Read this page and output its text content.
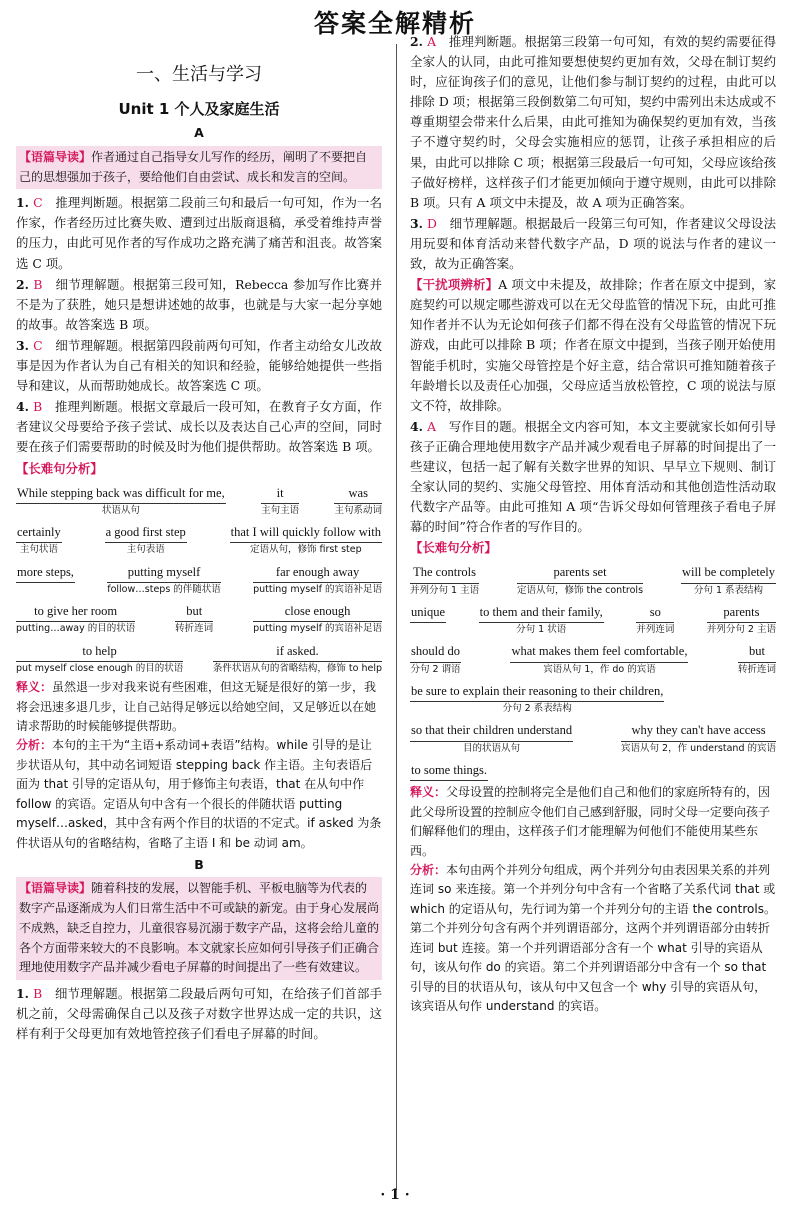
答案全解精析
一、生活与学习
Unit 1 个人及家庭生活
A
【语篇导读】作者通过自己指导女儿写作的经历，阐明了不要把自己的思想强加于孩子，要给他们自由尝试、成长和发言的空间。

1. C　 推理判断题。根据第二段前三句和最后一句可知，作为一名作家，作者经历过比赛失败、遭到过出版商退稿，承受着维持声誉的压力，由此可见作者的写作成功之路充满了痛苦和沮丧。故答案选 C 项。

2. B　 细节理解题。根据第三段可知，Rebecca 参加写作比赛并不是为了获胜，她只是想讲述她的故事，也就是与大家一起分享她的故事。故答案选 B 项。

3. C　 细节理解题。根据第四段前两句可知，作者主动给女儿改故事是因为作者认为自己有相关的知识和经验，能够给她提供一些指导和建议，从而帮助她成长。故答案选 C 项。

4. B　 推理判断题。根据文章最后一段可知，在教育子女方面，作者建议父母要给予孩子尝试、成长以及表达自己心声的空间，同时要在孩子们需要帮助的时候及时为他们提供帮助。故答案选 B 项。

【长难句分析】
While stepping back was difficult for me,
状语从句
it
主句主语
was
主句系动词
certainly
主句状语
a good first step
主句表语
that I will quickly follow with
定语从句，修饰 first step
more steps,	putting myself
follow…steps 的伴随状语
far enough away
putting myself 的宾语补足语
to give her room
putting…away 的目的状语
but
转折连词
close enough
putting myself 的宾语补足语
to help
put myself close enough 的目的状语
if asked.
条件状语从句的省略结构，修饰 to help
释义：虽然退一步对我来说有些困难，但这无疑是很好的第一步，我将会迅速多退几步，让自己站得足够远以给她空间，又足够近以在她请求帮助的时候能够提供帮助。
分析：本句的主干为“主语+系动词+表语”结构。while 引导的是让步状语从句，其中动名词短语 stepping back 作主语。主句表语后面为 that 引导的定语从句，用于修饰主句表语，that 在从句中作 follow 的宾语。定语从句中含有一个很长的伴随状语 putting myself…asked，其中含有两个作目的状语的不定式。if asked 为条件状语从句的省略结构，省略了主语 I 和 be 动词 am。
B
【语篇导读】随着科技的发展，以智能手机、平板电脑等为代表的数字产品逐渐成为人们日常生活中不可或缺的新宠。由于身心发展尚不成熟，缺乏自控力，儿童很容易沉溺于数字产品，这将会给儿童的各个方面带来较大的不良影响。本文就家长应如何引导孩子们正确合理地使用数字产品并减少看电子屏幕的时间提出了一些有效建议。

1. B　 细节理解题。根据第二段最后两句可知，在给孩子们首部手机之前，父母需确保自己以及孩子对数字世界达成一定的共识，这样有利于父母更加有效地管控孩子们看电子屏幕的时间。

2. A　 推理判断题。根据第三段第一句可知，有效的契约需要征得全家人的认同，由此可推知要想使契约更加有效，父母在制订契约时，应征询孩子们的意见，让他们参与制订契约的过程，由此可以排除 D 项；根据第三段倒数第二句可知，契约中需列出未达成或不尊重期望会带来什么后果，由此可推知为确保契约更加有效，当孩子不遵守契约时，父母会实施相应的惩罚，让孩子承担相应的后果，由此可以排除 C 项；根据第三段最后一句可知，父母应该给孩子做好榜样，这样孩子们才能更加倾向于遵守规则，由此可以排除 B 项。只有 A 项文中未提及，故 A 项为正确答案。

3. D　 细节理解题。根据最后一段第三句可知，作者建议父母设法用玩耍和体育活动来替代数字产品，D 项的说法与作者的建议一致，故为正确答案。

【干扰项辨析】A 项文中未提及，故排除；作者在原文中提到，家庭契约可以规定哪些游戏可以在无父母监管的情况下玩，由此可推知作者并不认为无论如何孩子们都不得在没有父母监管的情况下玩游戏，由此可以排除 B 项；作者在原文中提到，当孩子刚开始使用智能手机时，实施父母管控是个好主意，结合常识可推知随着孩子年龄增长以及责任心加强，父母应适当放松管控，C 项的说法与原文不符，故排除。

4. A　 写作目的题。根据全文内容可知，本文主要就家长如何引导孩子正确合理地使用数字产品并减少观看电子屏幕的时间提出了一些建议，包括一起了解有关数字世界的知识、早早立下规则、制订全家认同的契约、实施父母管控、用体育活动和其他创造性活动取代数字产品等。由此可推知 A 项“告诉父母如何管理孩子看电子屏幕的时间”符合作者的写作目的。

【长难句分析】
The controls
并列分句 1 主语
parents set
定语从句，修饰 the controls
will be completely
分句 1 系表结构
unique	to them and their family,
分句 1 状语
so
并列连词
parents
并列分句 2 主语
should do
分句 2 谓语
what makes them feel comfortable,
宾语从句 1，作 do 的宾语
but
转折连词
be sure to explain their reasoning to their children,
分句 2 系表结构
so that their children understand
目的状语从句
why they can't have access
宾语从句 2，作 understand 的宾语
to some things.
释义：父母设置的控制将完全是他们自己和他们的家庭所特有的，因此父母所设置的控制应令他们自己感到舒服，同时父母一定要向孩子们解释他们的理由，这样孩子们才能理解为何他们不能使用某些东西。
分析：本句由两个并列分句组成，两个并列分句由表因果关系的并列连词 so 来连接。第一个并列分句中含有一个省略了关系代词 that 或 which 的定语从句，先行词为第一个并列分句的主语 the controls。第二个并列分句含有两个并列谓语部分，这两个并列谓语部分由转折连词 but 连接。第一个并列谓语部分含有一个 what 引导的宾语从句，该从句作 do 的宾语。第二个并列谓语部分中含有一个 so that 引导的目的状语从句，该从句中又包含一个 why 引导的宾语从句，该宾语从句作 understand 的宾语。
· 1 ·
